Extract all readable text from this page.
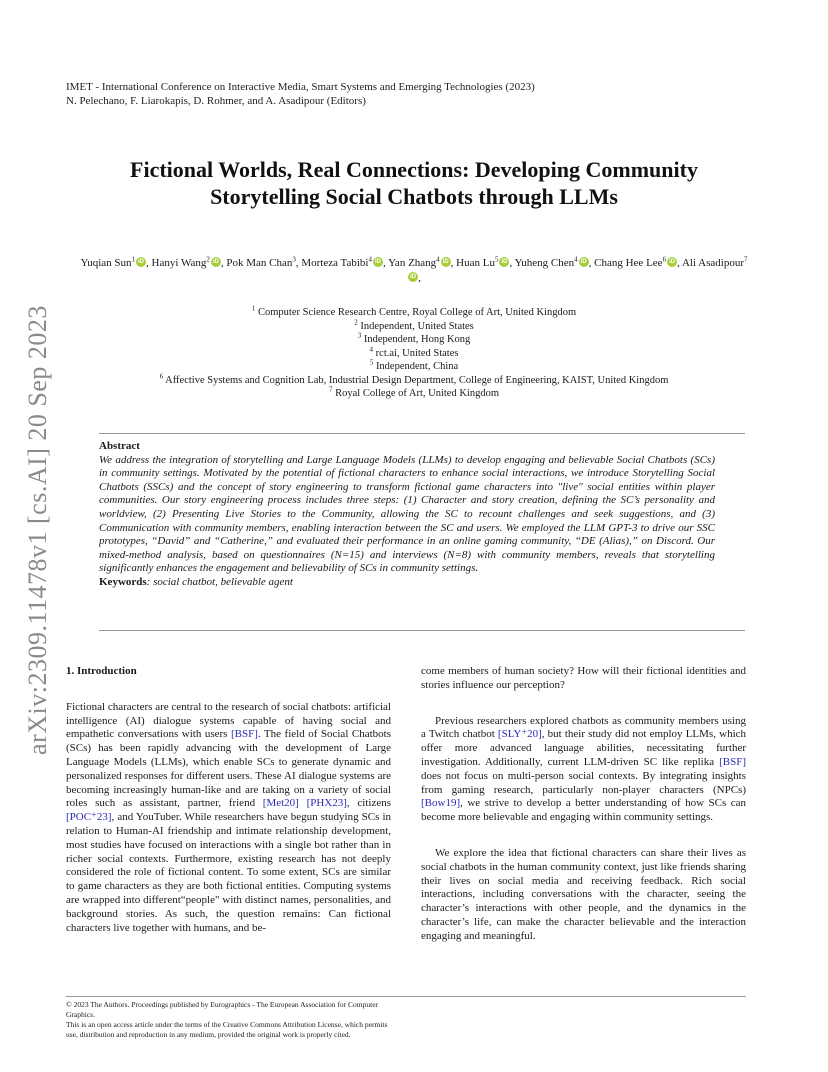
arXiv:2309.11478v1 [cs.AI] 20 Sep 2023
IMET - International Conference on Interactive Media, Smart Systems and Emerging Technologies (2023)
N. Pelechano, F. Liarokapis, D. Rohmer, and A. Asadipour (Editors)
Fictional Worlds, Real Connections: Developing Community
Storytelling Social Chatbots through LLMs
Yuqian Sun$^1$ iD , Hanyi Wang$^2$ iD , Pok Man Chan$^3$, Morteza Tabibi$^4$ iD , Yan Zhang$^4$ iD , Huan Lu$^5$ iD , Yuheng Chen$^4$ iD , Chang Hee Lee$^6$ iD , Ali Asadipour$^7$iD,
$^1$ Computer Science Research Centre, Royal College of Art, United Kingdom
$^2$ Independent, United States
$^3$ Independent, Hong Kong
$^4$ rct.ai, United States
$^5$ Independent, China
$^6$ Affective Systems and Cognition Lab, Industrial Design Department, College of Engineering, KAIST, United Kingdom
$^7$ Royal College of Art, United Kingdom
Abstract
We address the integration of storytelling and Large Language Models (LLMs) to develop engaging and believable Social Chatbots (SCs) in community settings. Motivated by the potential of fictional characters to enhance social interactions, we introduce Storytelling Social Chatbots (SSCs) and the concept of story engineering to transform fictional game characters into "live" social entities within player communities. Our story engineering process includes three steps: (1) Character and story creation, defining the SC’s personality and worldview, (2) Presenting Live Stories to the Community, allowing the SC to recount challenges and seek suggestions, and (3) Communication with community members, enabling interaction between the SC and users. We employed the LLM GPT-3 to drive our SSC prototypes, “David” and “Catherine,” and evaluated their performance in an online gaming community, “DE (Alias),” on Discord. Our mixed-method analysis, based on questionnaires (N=15) and interviews (N=8) with community members, reveals that storytelling significantly enhances the engagement and believability of SCs in community settings.
Keywords: social chatbot, believable agent
1. Introduction

Fictional characters are central to the research of social chatbots: artificial intelligence (AI) dialogue systems capable of having social and empathetic conversations with users [BSF]. The field of Social Chatbots (SCs) has been rapidly advancing with the development of Large Language Models (LLMs), which enable SCs to generate dynamic and personalized responses for different users. These AI dialogue systems are becoming increasingly human-like and are taking on a variety of social roles such as assistant, partner, friend [Met20] [PHX23], citizens [POC⁺23], and YouTuber. While researchers have begun studying SCs in relation to Human-AI friendship and intimate relationship development, most studies have focused on interactions with a single bot rather than in richer social contexts. Furthermore, existing research has not deeply considered the role of fictional content. To some extent, SCs are similar to game characters as they are both fictional entities. Computing systems are wrapped into different“people" with distinct names, personalities, and background stories. As such, the question remains: Can fictional characters live together with humans, and be-

come members of human society? How will their fictional identities and stories influence our perception?

Previous researchers explored chatbots as community members using a Twitch chatbot [SLY⁺20], but their study did not employ LLMs, which offer more advanced language abilities, necessitating further investigation. Additionally, current LLM-driven SC like replika [BSF] does not focus on multi-person social contexts. By integrating insights from gaming research, particularly non-player characters (NPCs) [Bow19], we strive to develop a better understanding of how SCs can become more believable and engaging within community settings.

We explore the idea that fictional characters can share their lives as social chatbots in the human community context, just like friends sharing their lives on social media and receiving feedback. Rich social interactions, including conversations with the character, seeing the character’s interactions with other people, and the dynamics in the character’s life, can make the character believable and the interaction engaging and meaningful.

© 2023 The Authors. Proceedings published by Eurographics - The European Association for Computer Graphics.
This is an open access article under the terms of the Creative Commons Attribution License, which permits use, distribution and reproduction in any medium, provided the original work is properly cited.
